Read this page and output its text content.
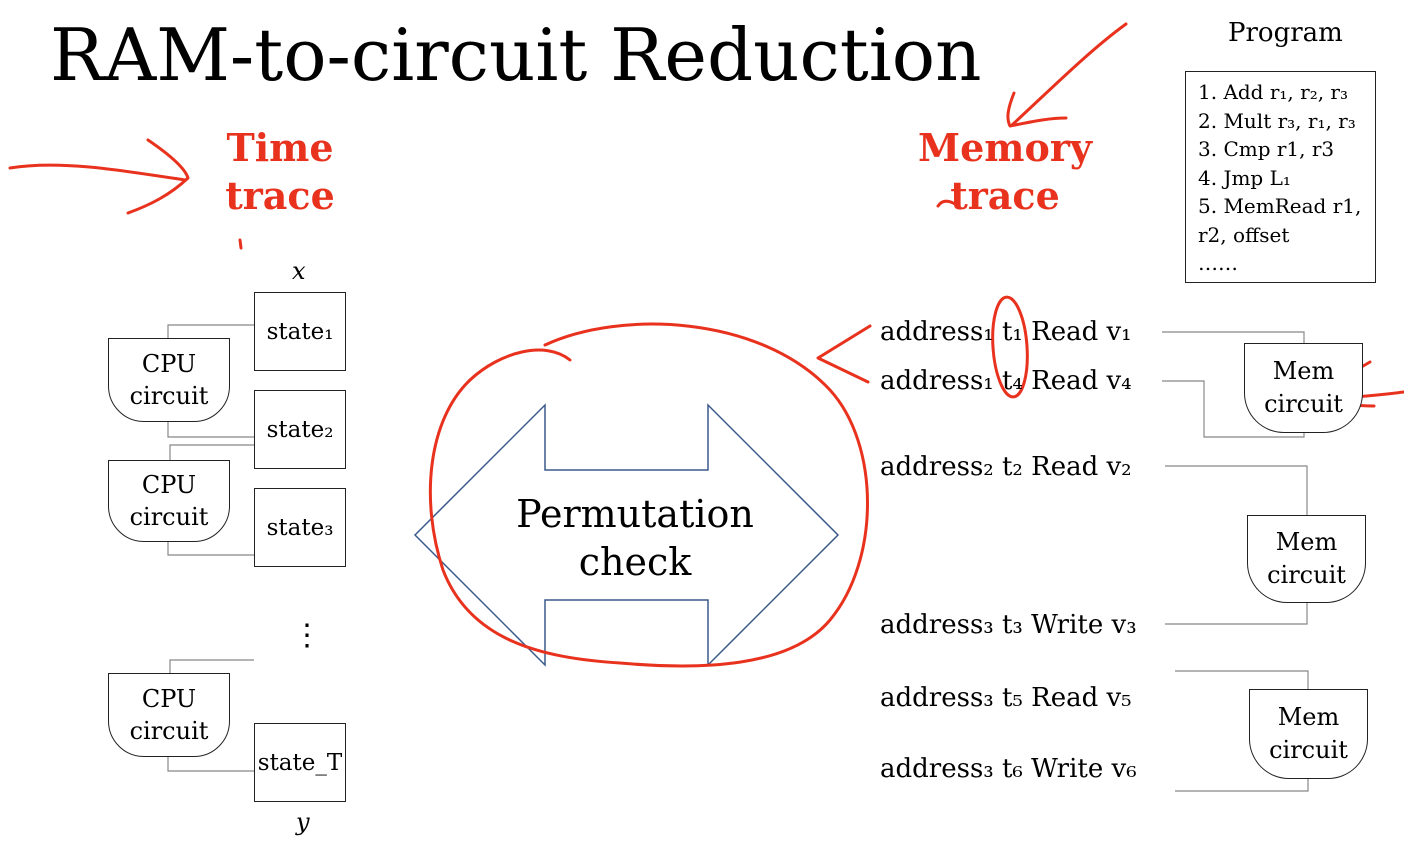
RAM-to-circuit Reduction
Time
trace
Memory
trace
Program
1. Add r₁, r₂, r₃
2. Mult r₃, r₁, r₃
3. Cmp r1, r3
4. Jmp L₁
5. MemRead r1, r2, offset
……
x
y
state₁
state₂
state₃
state_T
⋮
CPU
circuit
CPU
circuit
CPU
circuit
Permutation
check
address₁ t₁ Read v₁
address₁ t₄ Read v₄
address₂ t₂ Read v₂
address₃ t₃ Write v₃
address₃ t₅ Read v₅
address₃ t₆ Write v₆
Mem
circuit
Mem
circuit
Mem
circuit
